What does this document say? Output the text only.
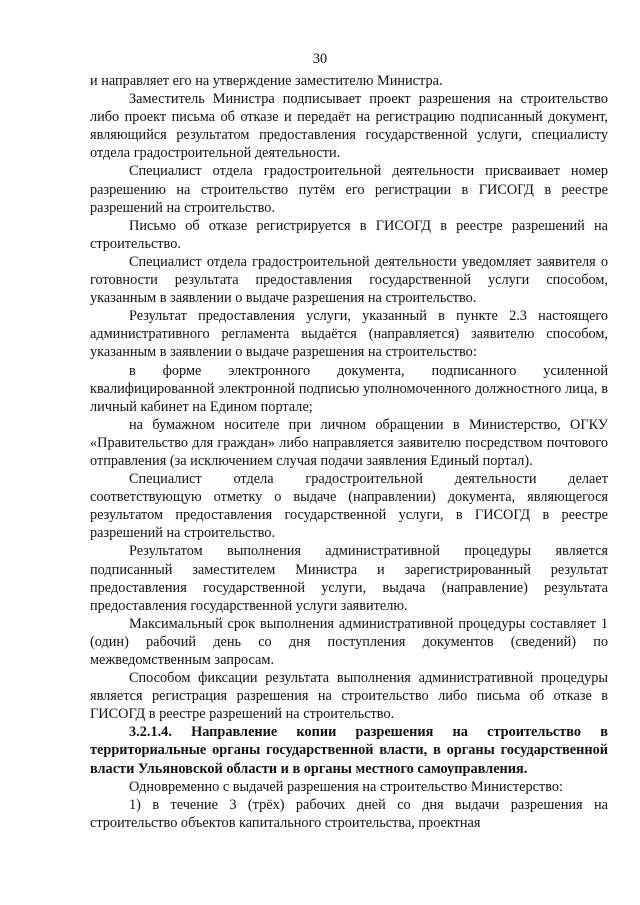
30

и направляет его на утверждение заместителю Министра.

Заместитель Министра подписывает проект разрешения на строительство либо проект письма об отказе и передаёт на регистрацию подписанный документ, являющийся результатом предоставления государственной услуги, специалисту отдела градостроительной деятельности.

Специалист отдела градостроительной деятельности присваивает номер разрешению на строительство путём его регистрации в ГИСОГД в реестре разрешений на строительство.

Письмо об отказе регистрируется в ГИСОГД в реестре разрешений на строительство.

Специалист отдела градостроительной деятельности уведомляет заявителя о готовности результата предоставления государственной услуги способом, указанным в заявлении о выдаче разрешения на строительство.

Результат предоставления услуги, указанный в пункте 2.3 настоящего административного регламента выдаётся (направляется) заявителю способом, указанным в заявлении о выдаче разрешения на строительство:

в форме электронного документа, подписанного усиленной квалифицированной электронной подписью уполномоченного должностного лица, в личный кабинет на Едином портале;

на бумажном носителе при личном обращении в Министерство, ОГКУ «Правительство для граждан» либо направляется заявителю посредством почтового отправления (за исключением случая подачи заявления Единый портал).

Специалист отдела градостроительной деятельности делает соответствующую отметку о выдаче (направлении) документа, являющегося результатом предоставления государственной услуги, в ГИСОГД в реестре разрешений на строительство.

Результатом выполнения административной процедуры является подписанный заместителем Министра и зарегистрированный результат предоставления государственной услуги, выдача (направление) результата предоставления государственной услуги заявителю.

Максимальный срок выполнения административной процедуры составляет 1 (один) рабочий день со дня поступления документов (сведений) по межведомственным запросам.

Способом фиксации результата выполнения административной процедуры является регистрация разрешения на строительство либо письма об отказе в ГИСОГД в реестре разрешений на строительство.

3.2.1.4. Направление копии разрешения на строительство в территориальные органы государственной власти, в органы государственной власти Ульяновской области и в органы местного самоуправления.

Одновременно с выдачей разрешения на строительство Министерство:

1) в течение 3 (трёх) рабочих дней со дня выдачи разрешения на строительство объектов капитального строительства, проектная
